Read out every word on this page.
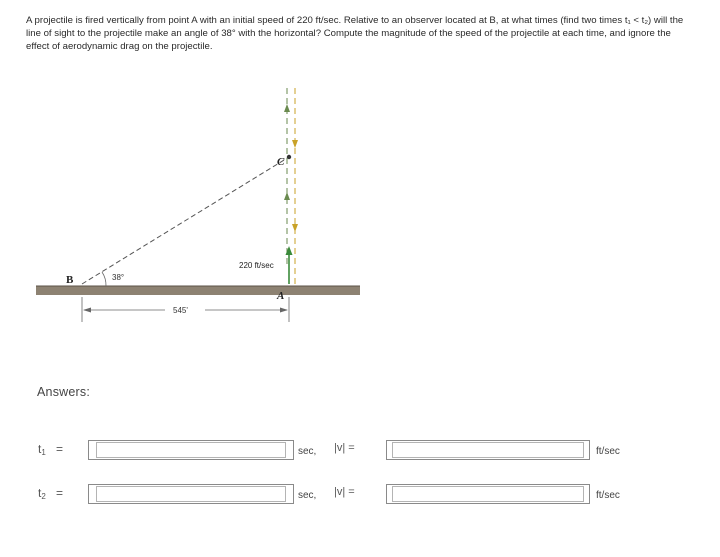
A projectile is fired vertically from point A with an initial speed of 220 ft/sec. Relative to an observer located at B, at what times (find two times t₁ < t₂) will the line of sight to the projectile make an angle of 38° with the horizontal? Compute the magnitude of the speed of the projectile at each time, and ignore the effect of aerodynamic drag on the projectile.
B	38°
A
C
220 ft/sec
545'
Answers:
$t_1$ =	sec, |v| =	ft/sec
$t_2$ =	sec, |v| =	ft/sec
